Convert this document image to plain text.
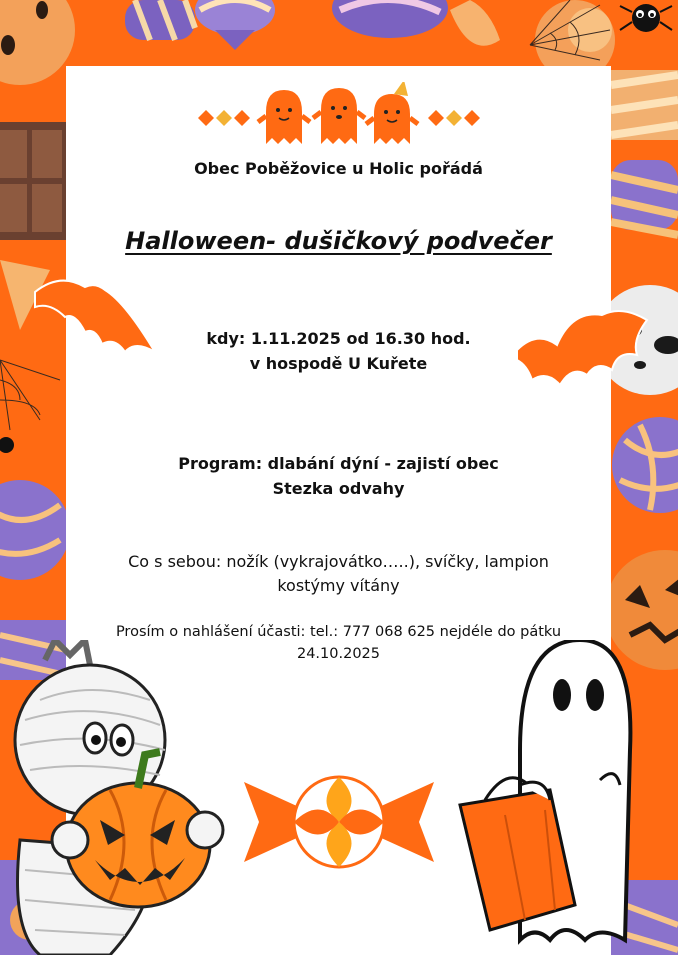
Obec Poběžovice u Holic pořádá
Halloween- dušičkový podvečer
kdy: 1.11.2025 od 16.30 hod.
v hospodě U Kuřete
Program: dlabání dýní - zajistí obec
Stezka odvahy
Co s sebou: nožík (vykrajovátko…..), svíčky, lampion
kostýmy vítány
Prosím o nahlášení účasti: tel.: 777 068 625 nejdéle do pátku
24.10.2025
